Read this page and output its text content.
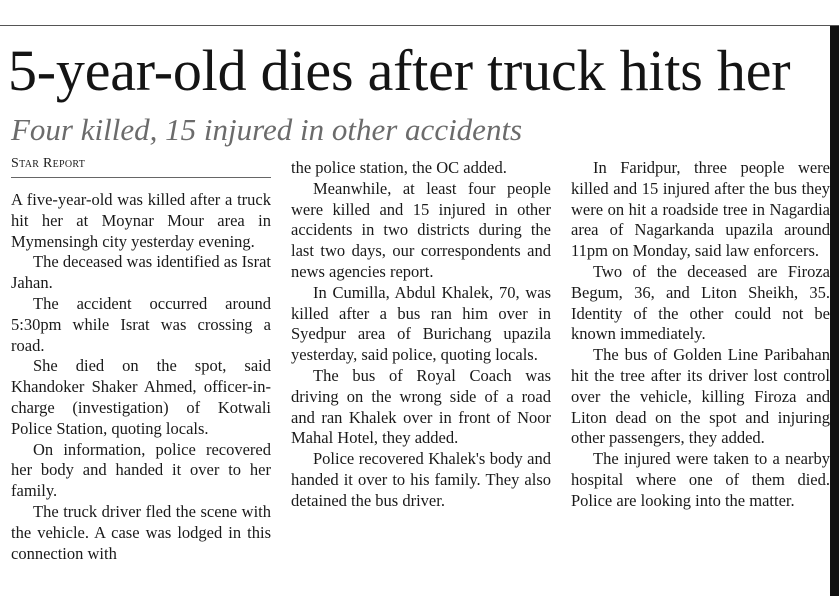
5-year-old dies after truck hits her
Four killed, 15 injured in other accidents
Star Report

A five-year-old was killed after a truck hit her at Moynar Mour area in Mymensingh city yesterday evening.

The deceased was identified as Israt Jahan.

The accident occurred around 5:30pm while Israt was crossing a road.

She died on the spot, said Khandoker Shaker Ahmed, officer-in-charge (investigation) of Kotwali Police Station, quoting locals.

On information, police recovered her body and handed it over to her family.

The truck driver fled the scene with the vehicle. A case was lodged in this connection with

the police station, the OC added.

Meanwhile, at least four people were killed and 15 injured in other accidents in two districts during the last two days, our correspondents and news agencies report.

In Cumilla, Abdul Khalek, 70, was killed after a bus ran him over in Syedpur area of Burichang upazila yesterday, said police, quoting locals.

The bus of Royal Coach was driving on the wrong side of a road and ran Khalek over in front of Noor Mahal Hotel, they added.

Police recovered Khalek's body and handed it over to his family. They also detained the bus driver.

In Faridpur, three people were killed and 15 injured after the bus they were on hit a roadside tree in Nagardia area of Nagarkanda upazila around 11pm on Monday, said law enforcers.

Two of the deceased are Firoza Begum, 36, and Liton Sheikh, 35. Identity of the other could not be known immediately.

The bus of Golden Line Paribahan hit the tree after its driver lost control over the vehicle, killing Firoza and Liton dead on the spot and injuring other passengers, they added.

The injured were taken to a nearby hospital where one of them died. Police are looking into the matter.
